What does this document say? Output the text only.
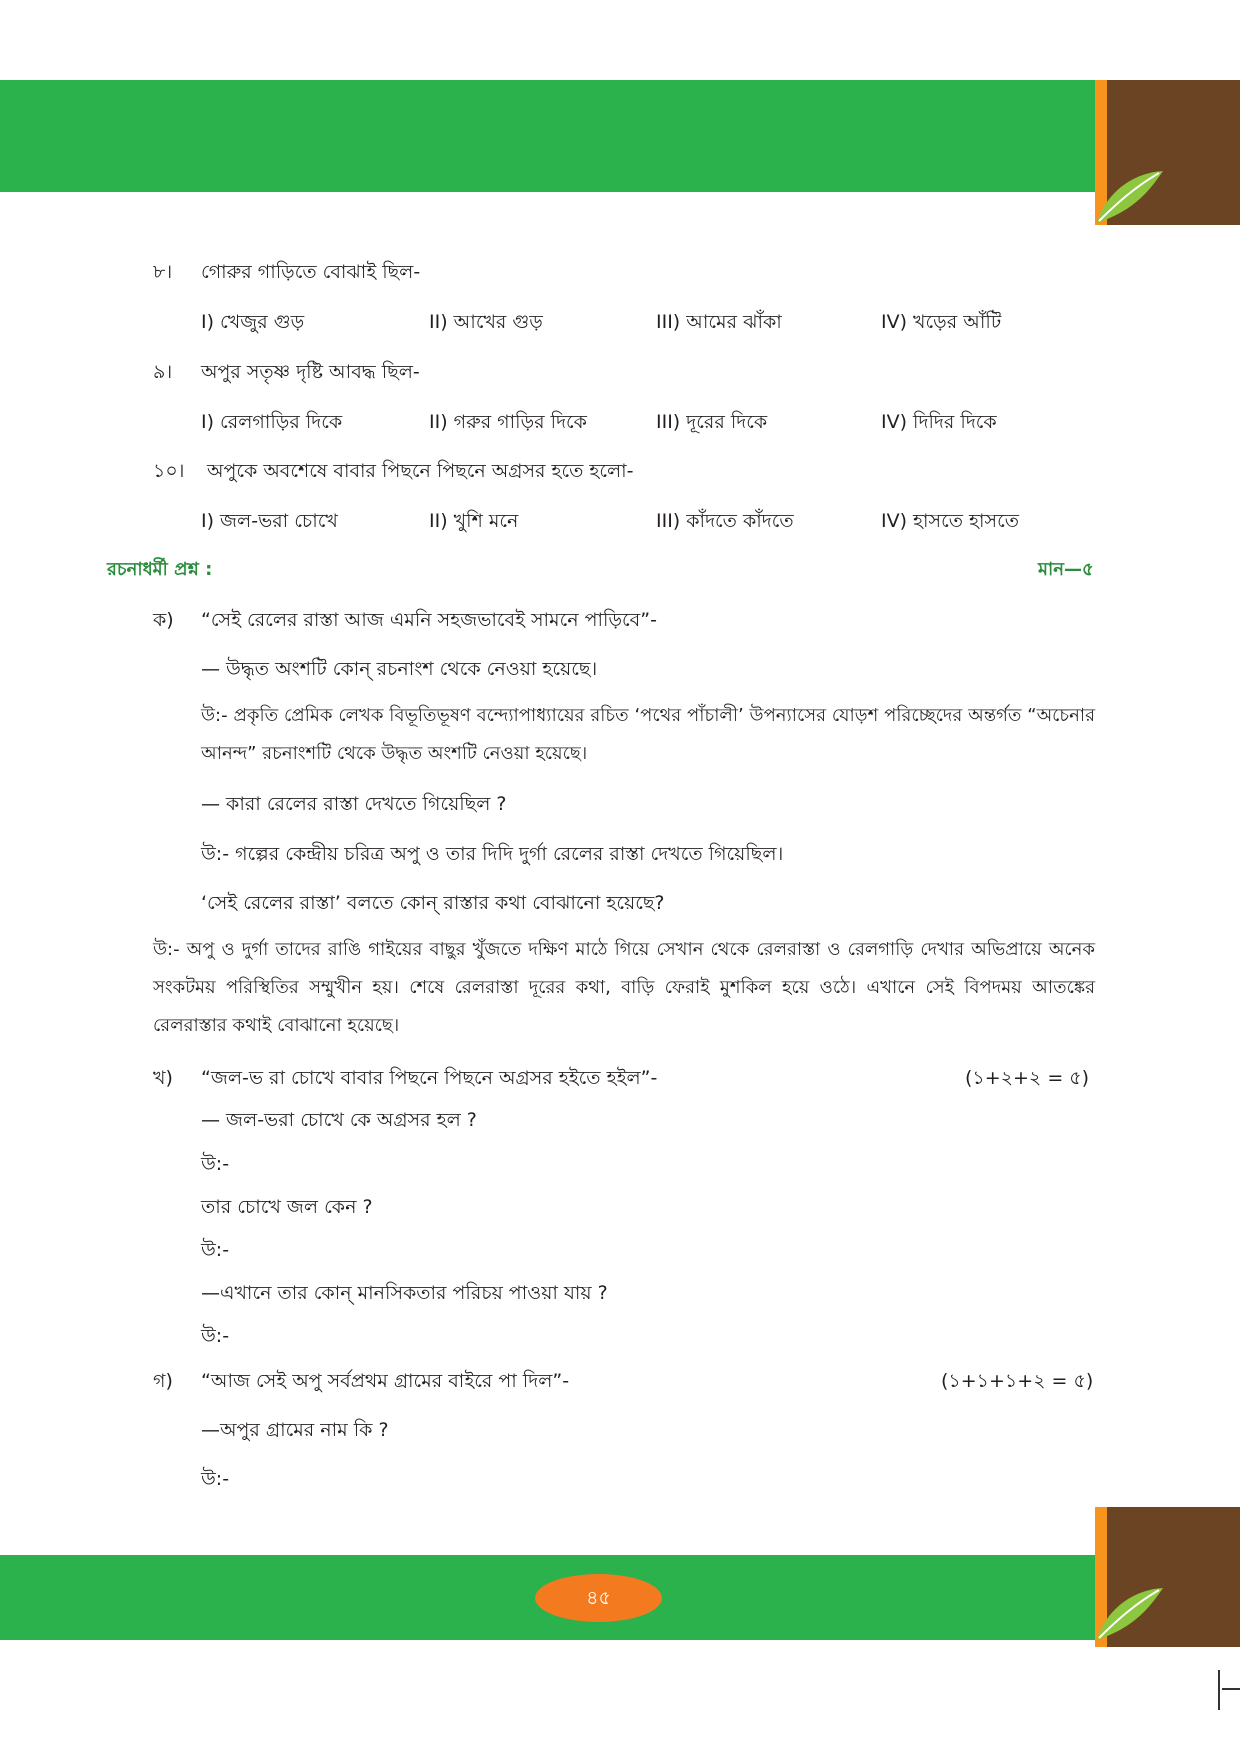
৪৫
৮। গোরুর গাড়িতে বোঝাই ছিল-
I) খেজুর গুড়	II) আখের গুড়	III) আমের ঝাঁকা	IV) খড়ের আঁটি
৯। অপুর সতৃষ্ণ দৃষ্টি আবদ্ধ ছিল-
I) রেলগাড়ির দিকে	II) গরুর গাড়ির দিকে	III) দূরের দিকে	IV) দিদির দিকে
১০। অপুকে অবশেষে বাবার পিছনে পিছনে অগ্রসর হতে হলো-
I) জল-ভরা চোখে	II) খুশি মনে	III) কাঁদতে কাঁদতে	IV) হাসতে হাসতে
রচনাধর্মী প্রশ্ন :	মান—৫
ক) “সেই রেলের রাস্তা আজ এমনি সহজভাবেই সামনে পাড়িবে”-
— উদ্ধৃত অংশটি কোন্ রচনাংশ থেকে নেওয়া হয়েছে।
উ:- প্রকৃতি প্রেমিক লেখক বিভূতিভূষণ বন্দ্যোপাধ্যায়ের রচিত ‘পথের পাঁচালী’ উপন্যাসের যোড়শ পরিচ্ছেদের অন্তর্গত “অচেনার আনন্দ” রচনাংশটি থেকে উদ্ধৃত অংশটি নেওয়া হয়েছে।
— কারা রেলের রাস্তা দেখতে গিয়েছিল ?
উ:- গল্পের কেন্দ্রীয় চরিত্র অপু ও তার দিদি দুর্গা রেলের রাস্তা দেখতে গিয়েছিল।
‘সেই রেলের রাস্তা’ বলতে কোন্ রাস্তার কথা বোঝানো হয়েছে?
উ:- অপু ও দুর্গা তাদের রাঙি গাইয়ের বাছুর খুঁজতে দক্ষিণ মাঠে গিয়ে সেখান থেকে রেলরাস্তা ও রেলগাড়ি দেখার অভিপ্রায়ে অনেক সংকটময় পরিস্থিতির সম্মুখীন হয়। শেষে রেলরাস্তা দূরের কথা, বাড়ি ফেরাই মুশকিল হয়ে ওঠে। এখানে সেই বিপদময় আতঙ্কের রেলরাস্তার কথাই বোঝানো হয়েছে।
খ) “জল-ভ রা চোখে বাবার পিছনে পিছনে অগ্রসর হইতে হইল”-	(১+২+২ = ৫)
— জল-ভরা চোখে কে অগ্রসর হল ?
উ:-
তার চোখে জল কেন ?
উ:-
—এখানে তার কোন্ মানসিকতার পরিচয় পাওয়া যায় ?
উ:-
গ) “আজ সেই অপু সর্বপ্রথম গ্রামের বাইরে পা দিল”-	(১+১+১+২ = ৫)
—অপুর গ্রামের নাম কি ?
উ:-
